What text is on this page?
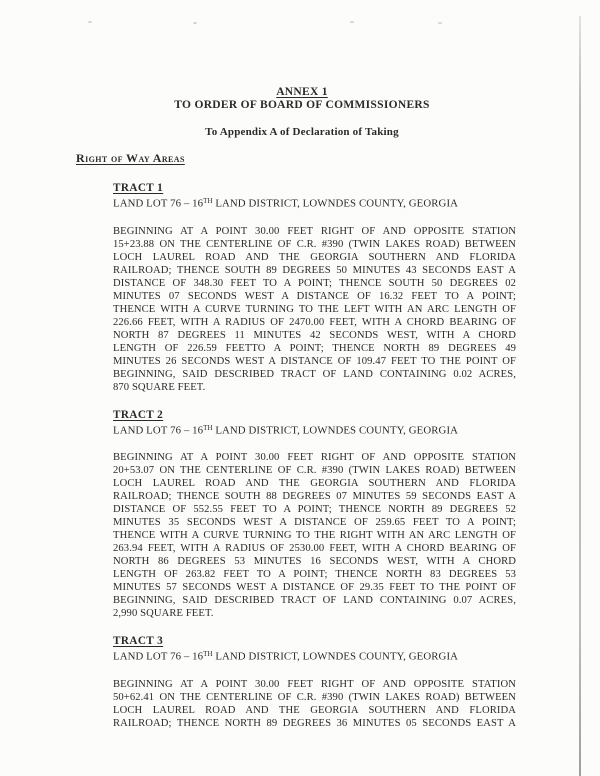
ANNEX 1
TO ORDER OF BOARD OF COMMISSIONERS
To Appendix A of Declaration of Taking
Right of Way Areas
TRACT 1
LAND LOT 76 – 16TH LAND DISTRICT, LOWNDES COUNTY, GEORGIA
BEGINNING AT A POINT 30.00 FEET RIGHT OF AND OPPOSITE STATION
15+23.88 ON THE CENTERLINE OF C.R. #390 (TWIN LAKES ROAD) BETWEEN
LOCH LAUREL ROAD AND THE GEORGIA SOUTHERN AND FLORIDA
RAILROAD; THENCE SOUTH 89 DEGREES 50 MINUTES 43 SECONDS EAST A
DISTANCE OF 348.30 FEET TO A POINT; THENCE SOUTH 50 DEGREES 02
MINUTES 07 SECONDS WEST A DISTANCE OF 16.32 FEET TO A POINT;
THENCE WITH A CURVE TURNING TO THE LEFT WITH AN ARC LENGTH OF
226.66 FEET, WITH A RADIUS OF 2470.00 FEET, WITH A CHORD BEARING OF
NORTH 87 DEGREES 11 MINUTES 42 SECONDS WEST, WITH A CHORD
LENGTH OF 226.59 FEETTO A POINT; THENCE NORTH 89 DEGREES 49
MINUTES 26 SECONDS WEST A DISTANCE OF 109.47 FEET TO THE POINT OF
BEGINNING, SAID DESCRIBED TRACT OF LAND CONTAINING 0.02 ACRES,
870 SQUARE FEET.
TRACT 2
LAND LOT 76 – 16TH LAND DISTRICT, LOWNDES COUNTY, GEORGIA
BEGINNING AT A POINT 30.00 FEET RIGHT OF AND OPPOSITE STATION
20+53.07 ON THE CENTERLINE OF C.R. #390 (TWIN LAKES ROAD) BETWEEN
LOCH LAUREL ROAD AND THE GEORGIA SOUTHERN AND FLORIDA
RAILROAD; THENCE SOUTH 88 DEGREES 07 MINUTES 59 SECONDS EAST A
DISTANCE OF 552.55 FEET TO A POINT; THENCE NORTH 89 DEGREES 52
MINUTES 35 SECONDS WEST A DISTANCE OF 259.65 FEET TO A POINT;
THENCE WITH A CURVE TURNING TO THE RIGHT WITH AN ARC LENGTH OF
263.94 FEET, WITH A RADIUS OF 2530.00 FEET, WITH A CHORD BEARING OF
NORTH 86 DEGREES 53 MINUTES 16 SECONDS WEST, WITH A CHORD
LENGTH OF 263.82 FEET TO A POINT; THENCE NORTH 83 DEGREES 53
MINUTES 57 SECONDS WEST A DISTANCE OF 29.35 FEET TO THE POINT OF
BEGINNING, SAID DESCRIBED TRACT OF LAND CONTAINING 0.07 ACRES,
2,990 SQUARE FEET.
TRACT 3
LAND LOT 76 – 16TH LAND DISTRICT, LOWNDES COUNTY, GEORGIA
BEGINNING AT A POINT 30.00 FEET RIGHT OF AND OPPOSITE STATION
50+62.41 ON THE CENTERLINE OF C.R. #390 (TWIN LAKES ROAD) BETWEEN
LOCH LAUREL ROAD AND THE GEORGIA SOUTHERN AND FLORIDA
RAILROAD; THENCE NORTH 89 DEGREES 36 MINUTES 05 SECONDS EAST A
